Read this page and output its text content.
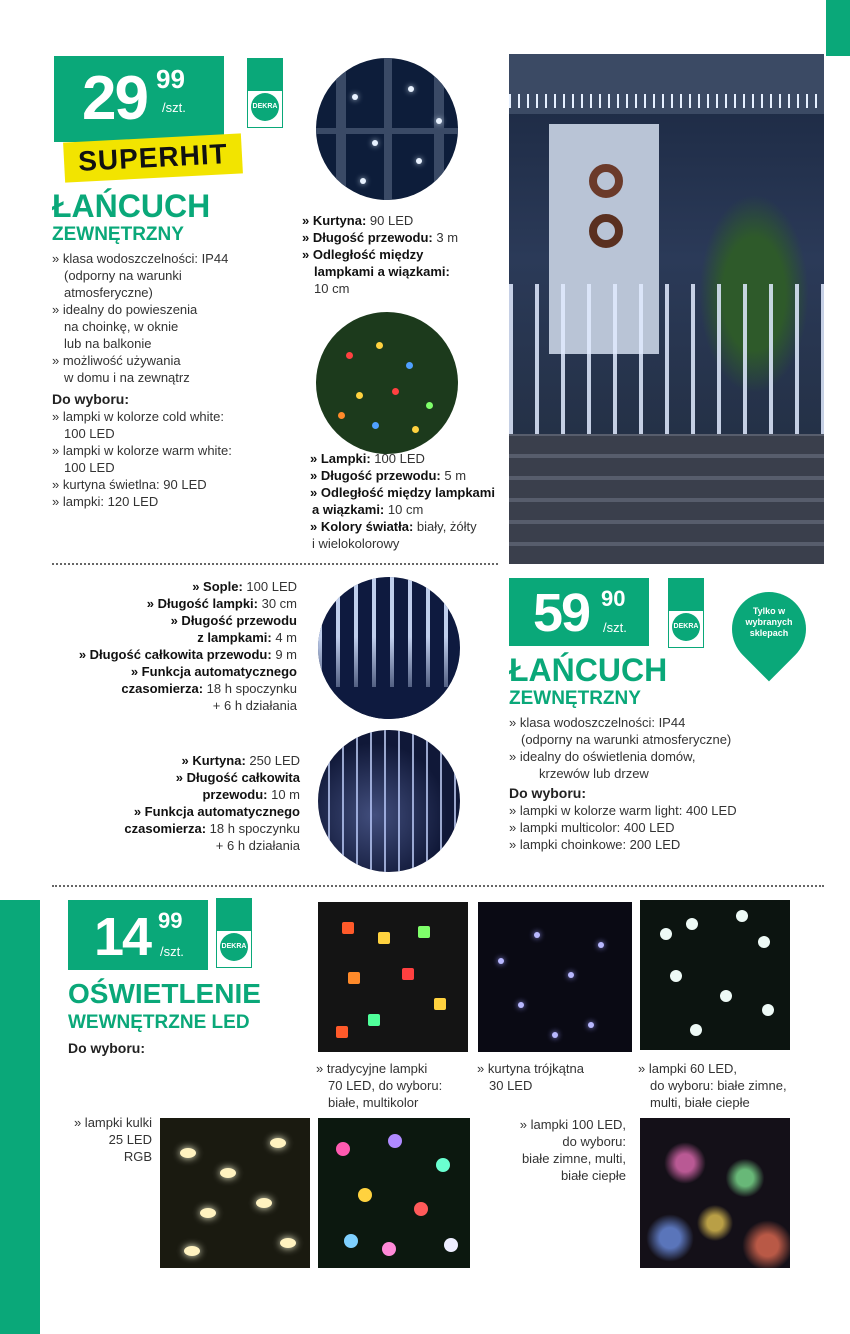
29 99
/szt.
SUPERHIT
DEKRA
ŁAŃCUCH
ZEWNĘTRZNY
» klasa wodoszczelności: IP44
(odporny na warunki
atmosferyczne)
» idealny do powieszenia
na choinkę, w oknie
lub na balkonie
» możliwość używania
w domu i na zewnątrz
Do wyboru:
» lampki w kolorze cold white:
100 LED
» lampki w kolorze warm white:
100 LED
» kurtyna świetlna: 90 LED
» lampki: 120 LED
» Kurtyna: 90 LED
» Długość przewodu: 3 m
» Odległość między
lampkami a wiązkami:
10 cm
» Lampki: 100 LED
» Długość przewodu: 5 m
» Odległość między lampkami
a wiązkami: 10 cm
» Kolory światła: biały, żółty
i wielokolorowy
» Sople: 100 LED
» Długość lampki: 30 cm
» Długość przewodu
z lampkami: 4 m
» Długość całkowita przewodu: 9 m
» Funkcja automatycznego
czasomierza: 18 h spoczynku
+ 6 h działania
» Kurtyna: 250 LED
» Długość całkowita
przewodu: 10 m
» Funkcja automatycznego
czasomierza: 18 h spoczynku
+ 6 h działania
59 90
/szt.	DEKRA
Tylko w wybranych sklepach
ŁAŃCUCH
ZEWNĘTRZNY
» klasa wodoszczelności: IP44
(odporny na warunki atmosferyczne)
» idealny do oświetlenia domów,
krzewów lub drzew
Do wyboru:
» lampki w kolorze warm light: 400 LED
» lampki multicolor: 400 LED
» lampki choinkowe: 200 LED
14 99
/szt.	DEKRA
OŚWIETLENIE
WEWNĘTRZNE LED
Do wyboru:
» tradycyjne lampki
70 LED, do wyboru:
białe, multikolor
» kurtyna trójkątna
30 LED
» lampki 60 LED,
do wyboru: białe zimne,
multi, białe ciepłe
» lampki kulki
25 LED
RGB
» lampki 100 LED,
do wyboru:
białe zimne, multi,
białe ciepłe
